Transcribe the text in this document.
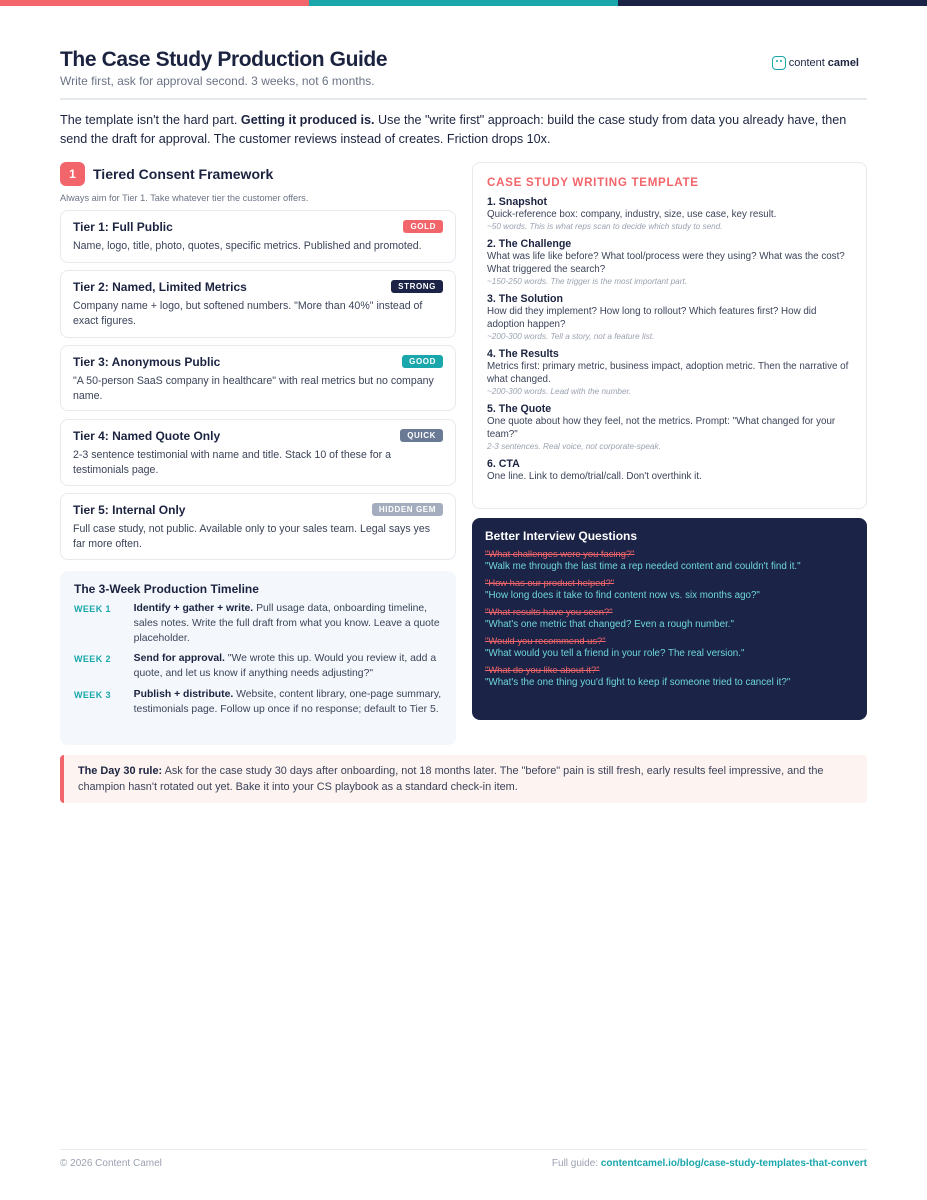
The Case Study Production Guide
Write first, ask for approval second. 3 weeks, not 6 months.
content camel

The template isn't the hard part. Getting it produced is. Use the "write first" approach: build the case study from data you already have, then send the draft for approval. The customer reviews instead of creates. Friction drops 10x.

1	Tiered Consent Framework
Always aim for Tier 1. Take whatever tier the customer offers.
Tier 1: Full Public	GOLD
Name, logo, title, photo, quotes, specific metrics. Published and promoted.
Tier 2: Named, Limited Metrics	STRONG
Company name + logo, but softened numbers. "More than 40%" instead of exact figures.
Tier 3: Anonymous Public	GOOD
"A 50-person SaaS company in healthcare" with real metrics but no company name.
Tier 4: Named Quote Only	QUICK
2-3 sentence testimonial with name and title. Stack 10 of these for a testimonials page.
Tier 5: Internal Only	HIDDEN GEM
Full case study, not public. Available only to your sales team. Legal says yes far more often.
The 3-Week Production Timeline
WEEK 1	Identify + gather + write. Pull usage data, onboarding timeline, sales notes. Write the full draft from what you know. Leave a quote placeholder.
WEEK 2	Send for approval. "We wrote this up. Would you review it, add a quote, and let us know if anything needs adjusting?"
WEEK 3	Publish + distribute. Website, content library, one-page summary, testimonials page. Follow up once if no response; default to Tier 5.
CASE STUDY WRITING TEMPLATE
1. Snapshot
Quick-reference box: company, industry, size, use case, key result.
~50 words. This is what reps scan to decide which study to send.
2. The Challenge
What was life like before? What tool/process were they using? What was the cost? What triggered the search?
~150-250 words. The trigger is the most important part.
3. The Solution
How did they implement? How long to rollout? Which features first? How did adoption happen?
~200-300 words. Tell a story, not a feature list.
4. The Results
Metrics first: primary metric, business impact, adoption metric. Then the narrative of what changed.
~200-300 words. Lead with the number.
5. The Quote
One quote about how they feel, not the metrics. Prompt: "What changed for your team?"
2-3 sentences. Real voice, not corporate-speak.
6. CTA
One line. Link to demo/trial/call. Don't overthink it.
Better Interview Questions
"What challenges were you facing?"
"Walk me through the last time a rep needed content and couldn't find it."
"How has our product helped?"
"How long does it take to find content now vs. six months ago?"
"What results have you seen?"
"What's one metric that changed? Even a rough number."
"Would you recommend us?"
"What would you tell a friend in your role? The real version."
"What do you like about it?"
"What's the one thing you'd fight to keep if someone tried to cancel it?"
The Day 30 rule: Ask for the case study 30 days after onboarding, not 18 months later. The "before" pain is still fresh, early results feel impressive, and the champion hasn't rotated out yet. Bake it into your CS playbook as a standard check-in item.
© 2026 Content Camel	Full guide: contentcamel.io/blog/case-study-templates-that-convert
